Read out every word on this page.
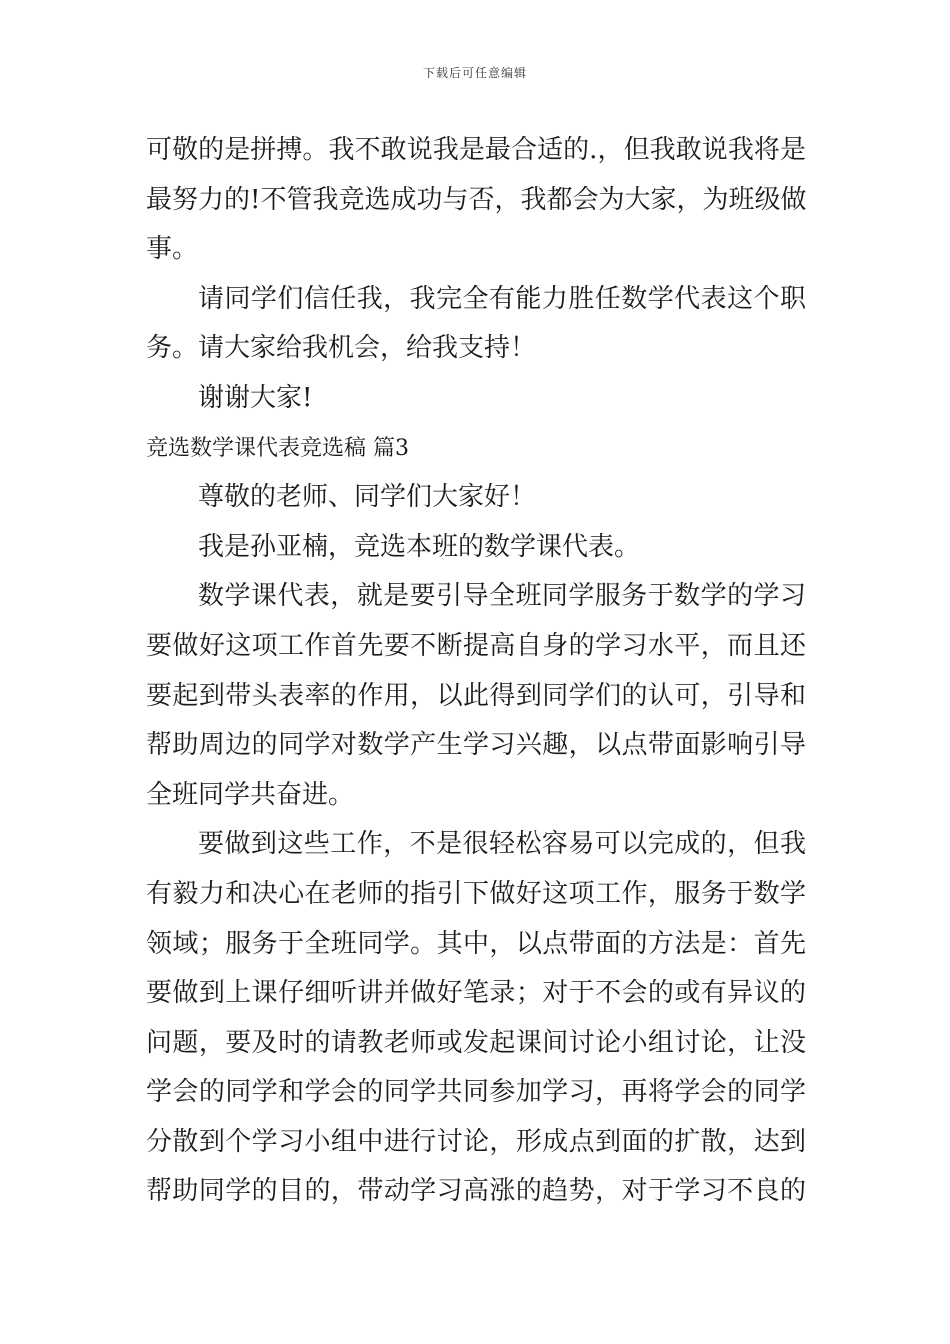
下载后可任意编辑
可敬的是拼搏。我不敢说我是最合适的.，但我敢说我将是
最努力的!不管我竞选成功与否，我都会为大家，为班级做
事。
请同学们信任我，我完全有能力胜任数学代表这个职
务。请大家给我机会，给我支持！
谢谢大家!
竞选数学课代表竞选稿 篇3
尊敬的老师、同学们大家好！
我是孙亚楠，竞选本班的数学课代表。
数学课代表，就是要引导全班同学服务于数学的学习
要做好这项工作首先要不断提高自身的学习水平，而且还
要起到带头表率的作用，以此得到同学们的认可，引导和
帮助周边的同学对数学产生学习兴趣，以点带面影响引导
全班同学共奋进。
要做到这些工作，不是很轻松容易可以完成的，但我
有毅力和决心在老师的指引下做好这项工作，服务于数学
领域；服务于全班同学。其中，以点带面的方法是：首先
要做到上课仔细听讲并做好笔录；对于不会的或有异议的
问题，要及时的请教老师或发起课间讨论小组讨论，让没
学会的同学和学会的同学共同参加学习，再将学会的同学
分散到个学习小组中进行讨论，形成点到面的扩散，达到
帮助同学的目的，带动学习高涨的趋势，对于学习不良的
